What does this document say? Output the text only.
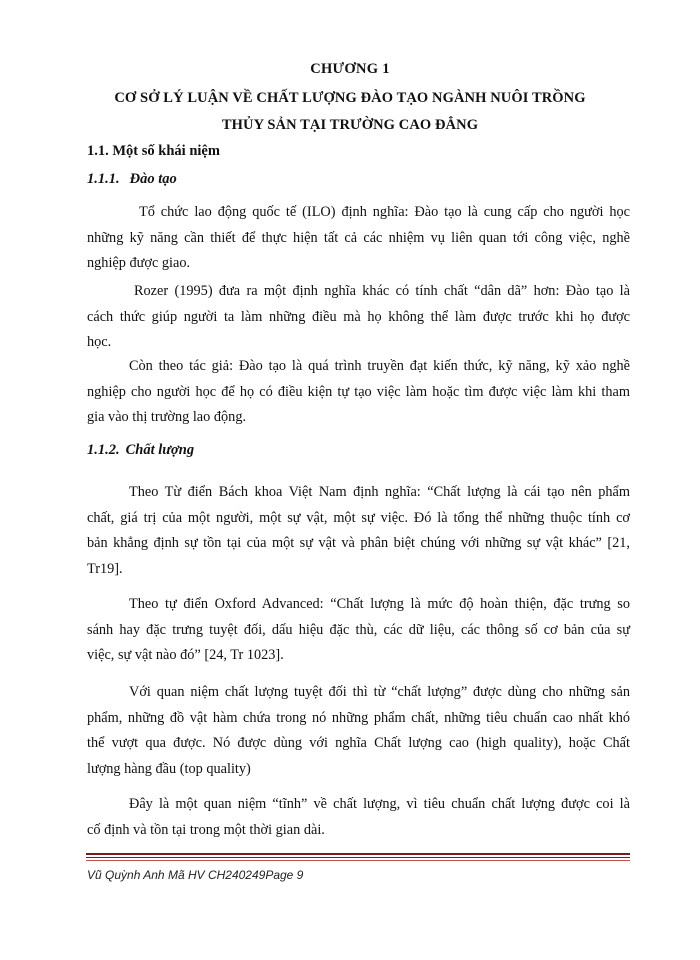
CHƯƠNG 1
CƠ SỞ LÝ LUẬN VỀ CHẤT LƯỢNG ĐÀO TẠO NGÀNH NUÔI TRỒNG
THỦY SẢN TẠI TRƯỜNG CAO ĐẲNG
1.1. Một số khái niệm
1.1.1. Đào tạo
Tổ chức lao động quốc tế (ILO) định nghĩa: Đào tạo là cung cấp cho người học
những kỹ năng cần thiết để thực hiện tất cả các nhiệm vụ liên quan tới công việc, nghề
nghiệp được giao.
Rozer (1995) đưa ra một định nghĩa khác có tính chất “dân dã” hơn: Đào tạo là
cách thức giúp người ta làm những điều mà họ không thể làm được trước khi họ được
học.
Còn theo tác giả: Đào tạo là quá trình truyền đạt kiến thức, kỹ năng, kỹ xảo nghề
nghiệp cho người học để họ có điều kiện tự tạo việc làm hoặc tìm được việc làm khi tham
gia vào thị trường lao động.
1.1.2. Chất lượng
Theo Từ điển Bách khoa Việt Nam định nghĩa: “Chất lượng là cái tạo nên phẩm
chất, giá trị của một người, một sự vật, một sự việc. Đó là tổng thể những thuộc tính cơ
bản khẳng định sự tồn tại của một sự vật và phân biệt chúng với những sự vật khác” [21,
Tr19].
Theo tự điển Oxford Advanced: “Chất lượng là mức độ hoàn thiện, đặc trưng so
sánh hay đặc trưng tuyệt đối, dấu hiệu đặc thù, các dữ liệu, các thông số cơ bản của sự
việc, sự vật nào đó” [24, Tr 1023].
Với quan niệm chất lượng tuyệt đối thì từ “chất lượng” được dùng cho những sản
phẩm, những đồ vật hàm chứa trong nó những phẩm chất, những tiêu chuẩn cao nhất khó
thể vượt qua được. Nó được dùng với nghĩa Chất lượng cao (high quality), hoặc Chất
lượng hàng đầu (top quality)
Đây là một quan niệm “tĩnh” về chất lượng, vì tiêu chuẩn chất lượng được coi là
cố định và tồn tại trong một thời gian dài.
Vũ Quỳnh Anh Mã HV CH240249Page 9
